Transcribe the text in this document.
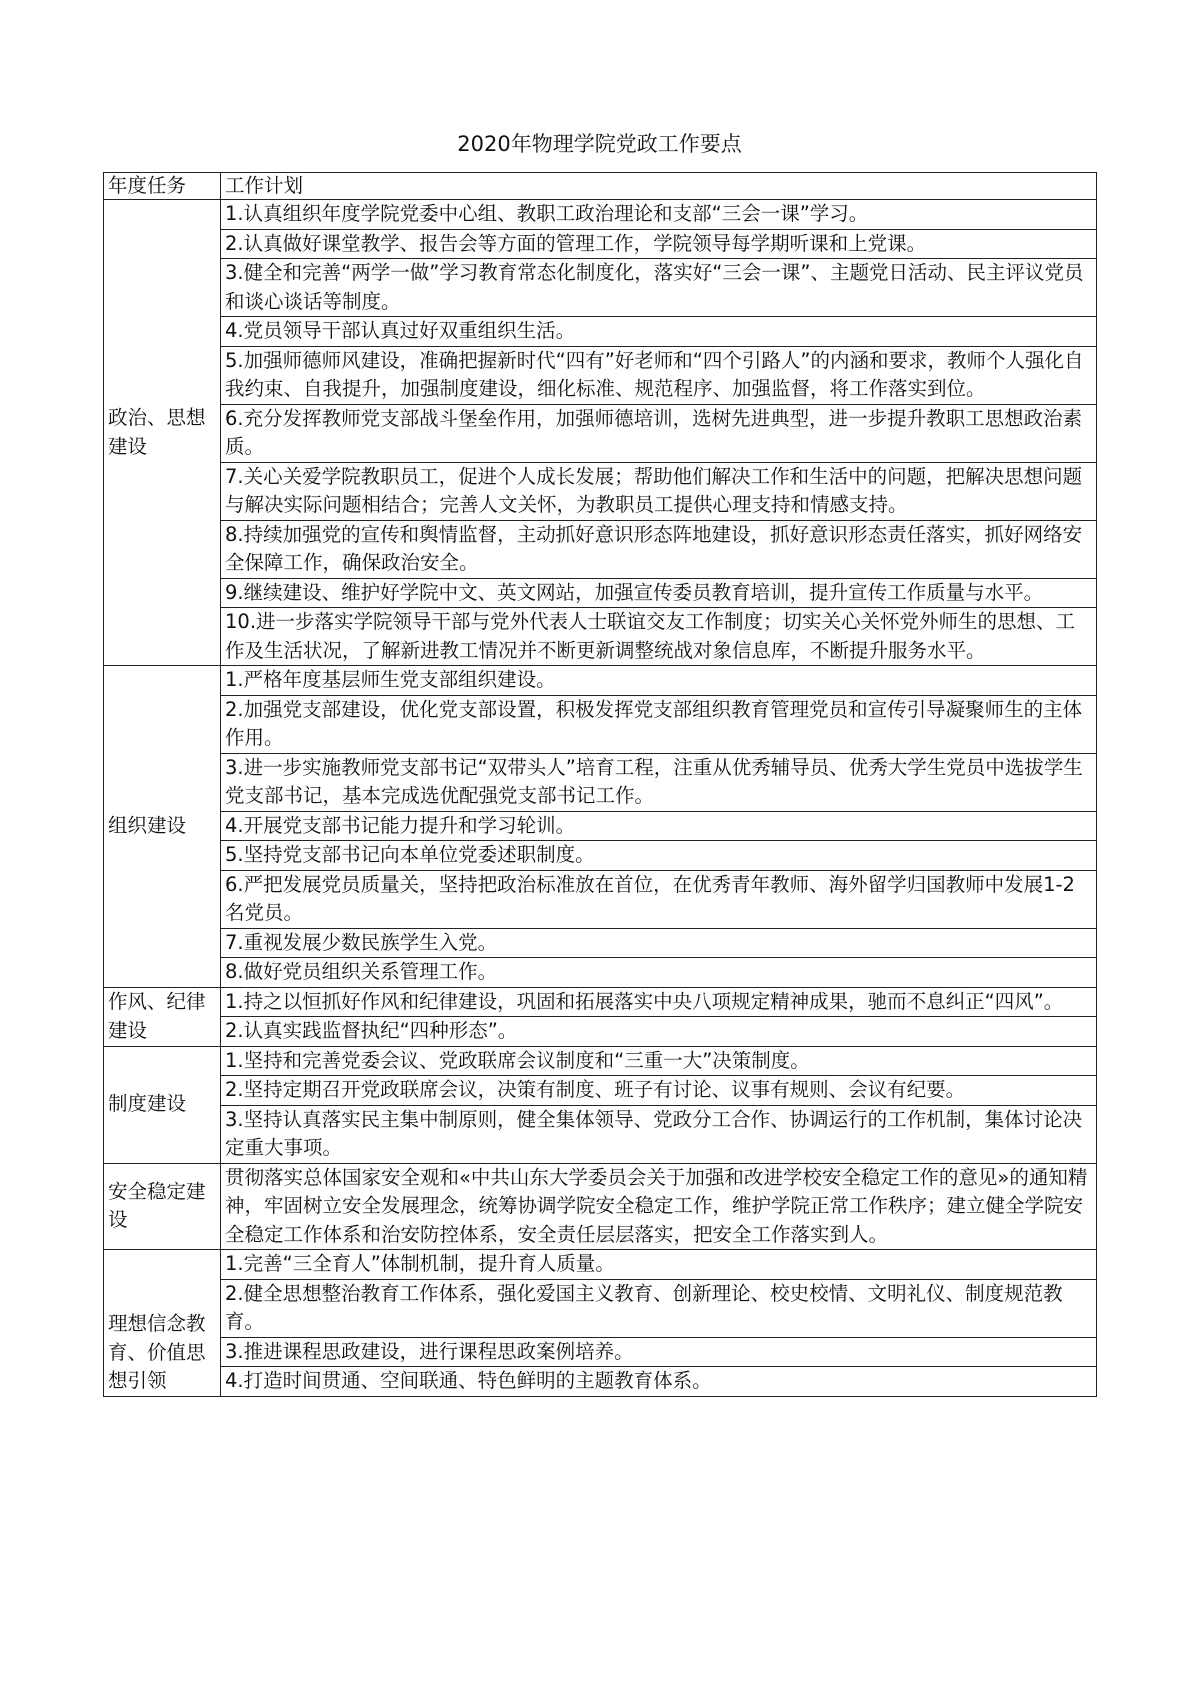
2020年物理学院党政工作要点
年度任务	工作计划
政治、思想建设	1.认真组织年度学院党委中心组、教职工政治理论和支部“三会一课”学习。
	2.认真做好课堂教学、报告会等方面的管理工作，学院领导每学期听课和上党课。
	3.健全和完善“两学一做”学习教育常态化制度化，落实好“三会一课”、主题党日活动、民主评议党员和谈心谈话等制度。
	4.党员领导干部认真过好双重组织生活。
	5.加强师德师风建设，准确把握新时代“四有”好老师和“四个引路人”的内涵和要求，教师个人强化自我约束、自我提升，加强制度建设，细化标准、规范程序、加强监督，将工作落实到位。
	6.充分发挥教师党支部战斗堡垒作用，加强师德培训，选树先进典型，进一步提升教职工思想政治素质。
	7.关心关爱学院教职员工，促进个人成长发展；帮助他们解决工作和生活中的问题，把解决思想问题与解决实际问题相结合；完善人文关怀，为教职员工提供心理支持和情感支持。
	8.持续加强党的宣传和舆情监督，主动抓好意识形态阵地建设，抓好意识形态责任落实，抓好网络安全保障工作，确保政治安全。
	9.继续建设、维护好学院中文、英文网站，加强宣传委员教育培训，提升宣传工作质量与水平。
	10.进一步落实学院领导干部与党外代表人士联谊交友工作制度；切实关心关怀党外师生的思想、工作及生活状况，了解新进教工情况并不断更新调整统战对象信息库，不断提升服务水平。
组织建设	1.严格年度基层师生党支部组织建设。
	2.加强党支部建设，优化党支部设置，积极发挥党支部组织教育管理党员和宣传引导凝聚师生的主体作用。
	3.进一步实施教师党支部书记“双带头人”培育工程，注重从优秀辅导员、优秀大学生党员中选拔学生党支部书记，基本完成选优配强党支部书记工作。
	4.开展党支部书记能力提升和学习轮训。
	5.坚持党支部书记向本单位党委述职制度。
	6.严把发展党员质量关，坚持把政治标准放在首位，在优秀青年教师、海外留学归国教师中发展1-2名党员。
	7.重视发展少数民族学生入党。
	8.做好党员组织关系管理工作。
作风、纪律建设	1.持之以恒抓好作风和纪律建设，巩固和拓展落实中央八项规定精神成果，驰而不息纠正“四风”。
	2.认真实践监督执纪“四种形态”。
制度建设	1.坚持和完善党委会议、党政联席会议制度和“三重一大”决策制度。
	2.坚持定期召开党政联席会议，决策有制度、班子有讨论、议事有规则、会议有纪要。
	3.坚持认真落实民主集中制原则，健全集体领导、党政分工合作、协调运行的工作机制，集体讨论决定重大事项。
安全稳定建设	贯彻落实总体国家安全观和«中共山东大学委员会关于加强和改进学校安全稳定工作的意见»的通知精神，牢固树立安全发展理念，统筹协调学院安全稳定工作，维护学院正常工作秩序；建立健全学院安全稳定工作体系和治安防控体系，安全责任层层落实，把安全工作落实到人。
理想信念教育、价值思想引领	1.完善“三全育人”体制机制，提升育人质量。
	2.健全思想整治教育工作体系，强化爱国主义教育、创新理论、校史校情、文明礼仪、制度规范教育。
	3.推进课程思政建设，进行课程思政案例培养。
	4.打造时间贯通、空间联通、特色鲜明的主题教育体系。
